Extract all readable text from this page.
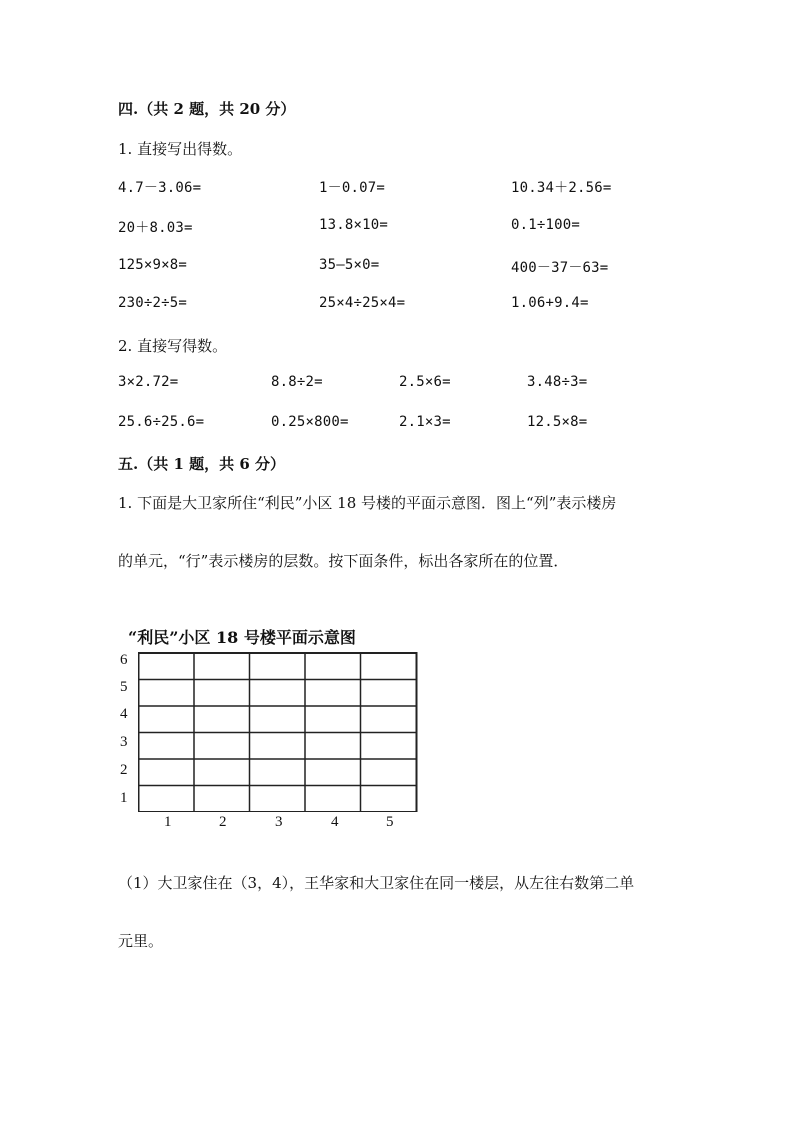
四.（共 2 题，共 20 分）
1. 直接写出得数。
4.7－3.06=	1－0.07=	10.34＋2.56=
20＋8.03=	13.8×10=	0.1÷100=
125×9×8=	35—5×0=	400－37－63=
230÷2÷5=	25×4÷25×4=	1.06+9.4=
2. 直接写得数。
3×2.72=	8.8÷2=	2.5×6=	3.48÷3=
25.6÷25.6=	0.25×800=	2.1×3=	12.5×8=
五.（共 1 题，共 6 分）
1. 下面是大卫家所住“利民”小区 18 号楼的平面示意图．图上“列”表示楼房
的单元，“行”表示楼房的层数。按下面条件，标出各家所在的位置．
“利民”小区 18 号楼平面示意图
6
5
4
3
2
1
1	2	3	4	5
（1）大卫家住在（3，4），王华家和大卫家住在同一楼层，从左往右数第二单
元里。
